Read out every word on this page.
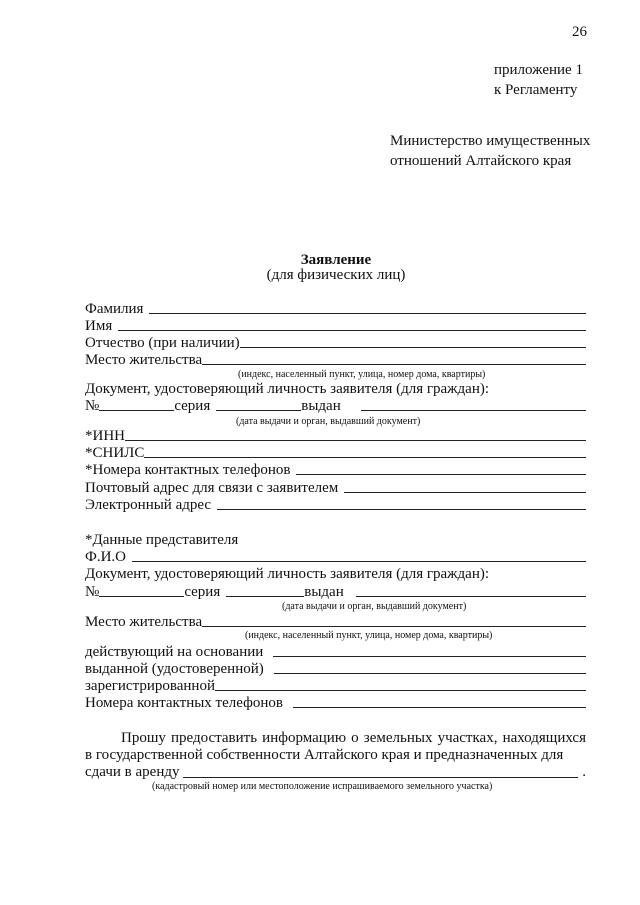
26
приложение 1
к Регламенту
Министерство имущественных
отношений Алтайского края
Заявление
(для физических лиц)
Фамилия
Имя
Отчество (при наличии)
Место жительства
(индекс, населенный пункт, улица, номер дома, квартиры)
Документ, удостоверяющий личность заявителя (для граждан):
№	серия	выдан
(дата выдачи и орган, выдавший документ)
*ИНН
*СНИЛС
*Номера контактных телефонов
Почтовый адрес для связи с заявителем
Электронный адрес
*Данные представителя
Ф.И.О
Документ, удостоверяющий личность заявителя (для граждан):
№	серия	выдан
(дата выдачи и орган, выдавший документ)
Место жительства
(индекс, населенный пункт, улица, номер дома, квартиры)
действующий на основании
выданной (удостоверенной)
зарегистрированной
Номера контактных телефонов
Прошу предоставить информацию о земельных участках, находящихся в государственной собственности Алтайского края и предназначенных для
сдачи в аренду	.
(кадастровый номер или местоположение испрашиваемого земельного участка)
